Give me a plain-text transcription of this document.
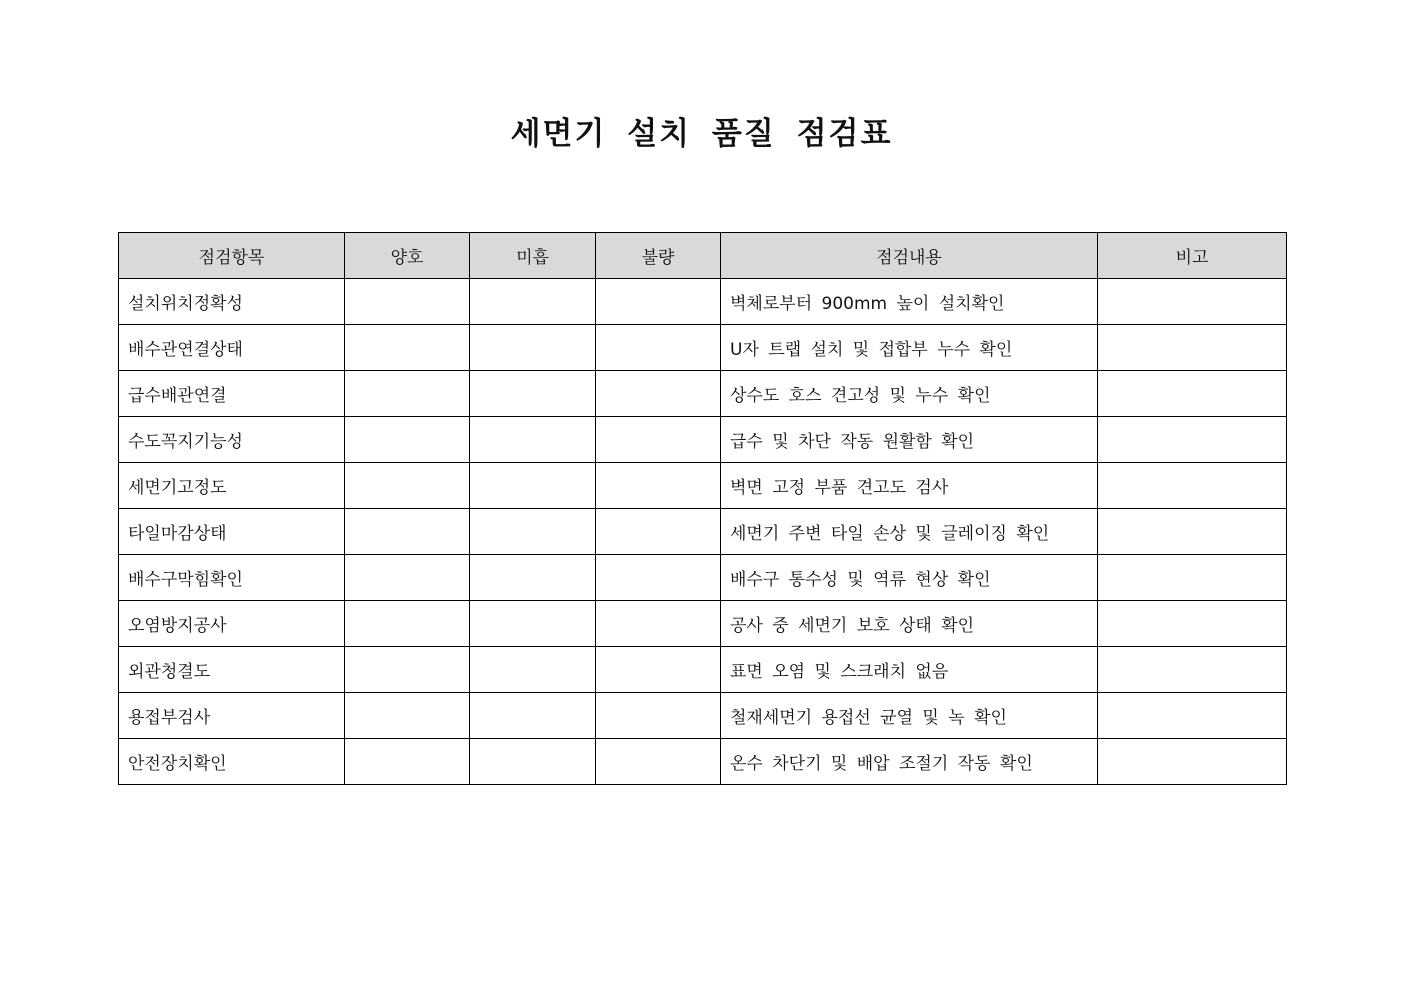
세면기 설치 품질 점검표
점검항목	양호	미흡	불량	점검내용	비고
설치위치정확성				벽체로부터 900mm 높이 설치확인	
배수관연결상태				U자 트랩 설치 및 접합부 누수 확인	
급수배관연결				상수도 호스 견고성 및 누수 확인	
수도꼭지기능성				급수 및 차단 작동 원활함 확인	
세면기고정도				벽면 고정 부품 견고도 검사	
타일마감상태				세면기 주변 타일 손상 및 글레이징 확인	
배수구막힘확인				배수구 통수성 및 역류 현상 확인	
오염방지공사				공사 중 세면기 보호 상태 확인	
외관청결도				표면 오염 및 스크래치 없음	
용접부검사				철재세면기 용접선 균열 및 녹 확인	
안전장치확인				온수 차단기 및 배압 조절기 작동 확인	
